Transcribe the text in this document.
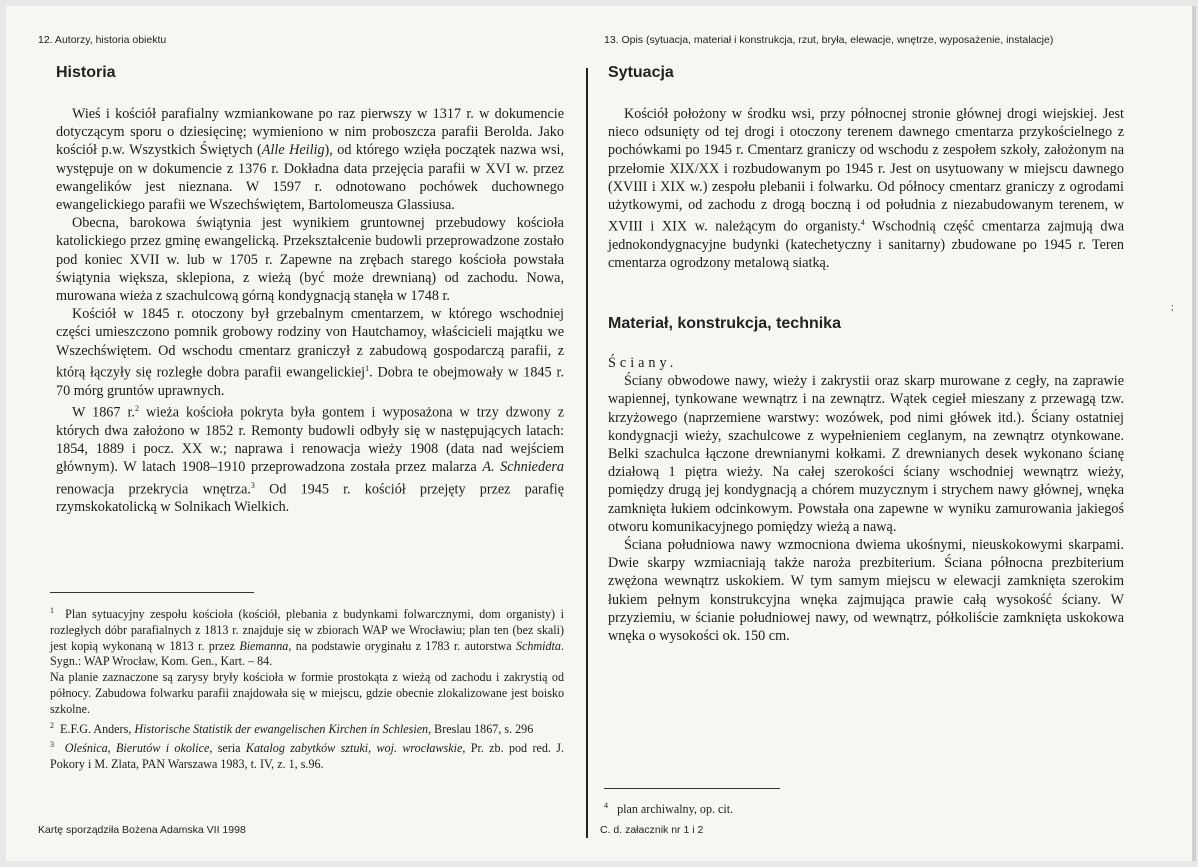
12. Autorzy, historia obiektu
Historia

Wieś i kościół parafialny wzmiankowane po raz pierwszy w 1317 r. w dokumencie dotyczącym sporu o dziesięcinę; wymieniono w nim proboszcza parafii Berolda. Jako kościół p.w. Wszystkich Świętych (Alle Heilig), od którego wzięła początek nazwa wsi, występuje on w dokumencie z 1376 r. Dokładna data przejęcia parafii w XVI w. przez ewangelików jest nieznana. W 1597 r. odnotowano pochówek duchownego ewangelickiego parafii we Wszechświętem, Bartolomeusza Glassiusa.

Obecna, barokowa świątynia jest wynikiem gruntownej przebudowy kościoła katolickiego przez gminę ewangelicką. Przekształcenie budowli przeprowadzone zostało pod koniec XVII w. lub w 1705 r. Zapewne na zrębach starego kościoła powstała świątynia większa, sklepiona, z wieżą (być może drewnianą) od zachodu. Nowa, murowana wieża z szachulcową górną kondygnacją stanęła w 1748 r.

Kościół w 1845 r. otoczony był grzebalnym cmentarzem, w którego wschodniej części umieszczono pomnik grobowy rodziny von Hautchamoy, właścicieli majątku we Wszechświętem. Od wschodu cmentarz graniczył z zabudową gospodarczą parafii, z którą łączyły się rozległe dobra parafii ewangelickiej$^1$. Dobra te obejmowały w 1845 r. 70 mórg gruntów uprawnych.

W 1867 r.$^2$ wieża kościoła pokryta była gontem i wyposażona w trzy dzwony z których dwa założono w 1852 r. Remonty budowli odbyły się w następujących latach: 1854, 1889 i pocz. XX w.; naprawa i renowacja wieży 1908 (data nad wejściem głównym). W latach 1908–1910 przeprowadzona została przez malarza A. Schniedera renowacja przekrycia wnętrza.$^3$ Od 1945 r. kościół przejęty przez parafię rzymskokatolicką w Solnikach Wielkich.

$^1$ Plan sytuacyjny zespołu kościoła (kościół, plebania z budynkami folwarcznymi, dom organisty) i rozległych dóbr parafialnych z 1813 r. znajduje się w zbiorach WAP we Wrocławiu; plan ten (bez skali) jest kopią wykonaną w 1813 r. przez Biemanna, na podstawie oryginału z 1783 r. autorstwa Schmidta. Sygn.: WAP Wrocław, Kom. Gen., Kart. – 84.

Na planie zaznaczone są zarysy bryły kościoła w formie prostokąta z wieżą od zachodu i zakrystią od północy. Zabudowa folwarku parafii znajdowała się w miejscu, gdzie obecnie zlokalizowane jest boisko szkolne.

$^2$ E.F.G. Anders, Historische Statistik der ewangelischen Kirchen in Schlesien, Breslau 1867, s. 296

$^3$ Oleśnica, Bierutów i okolice, seria Katalog zabytków sztuki, woj. wrocławskie, Pr. zb. pod red. J. Pokory i M. Zlata, PAN Warszawa 1983, t. IV, z. 1, s.96.

Kartę sporządziła Bożena Adamska VII 1998
13. Opis (sytuacja, materiał i konstrukcja, rzut, bryła, elewacje, wnętrze, wyposażenie, instalacje)
Sytuacja

Kościół położony w środku wsi, przy północnej stronie głównej drogi wiejskiej. Jest nieco odsunięty od tej drogi i otoczony terenem dawnego cmentarza przykościelnego z pochówkami po 1945 r. Cmentarz graniczy od wschodu z zespołem szkoły, założonym na przełomie XIX/XX i rozbudowanym po 1945 r. Jest on usytuowany w miejscu dawnego (XVIII i XIX w.) zespołu plebanii i folwarku. Od północy cmentarz graniczy z ogrodami użytkowymi, od zachodu z drogą boczną i od południa z niezabudowanym terenem, w XVIII i XIX w. należącym do organisty.$^4$ Wschodnią część cmentarza zajmują dwa jednokondygnacyjne budynki (katechetyczny i sanitarny) zbudowane po 1945 r. Teren cmentarza ogrodzony metalową siatką.

Materiał, konstrukcja, technika

Ściany.

Ściany obwodowe nawy, wieży i zakrystii oraz skarp murowane z cegły, na zaprawie wapiennej, tynkowane wewnątrz i na zewnątrz. Wątek cegieł mieszany z przewagą tzw. krzyżowego (naprzemiene warstwy: wozówek, pod nimi główek itd.). Ściany ostatniej kondygnacji wieży, szachulcowe z wypełnieniem ceglanym, na zewnątrz otynkowane. Belki szachulca łączone drewnianymi kołkami. Z drewnianych desek wykonano ścianę działową 1 piętra wieży. Na całej szerokości ściany wschodniej wewnątrz wieży, pomiędzy drugą jej kondygnacją a chórem muzycznym i strychem nawy głównej, wnęka zamknięta łukiem odcinkowym. Powstała ona zapewne w wyniku zamurowania jakiegoś otworu komunikacyjnego pomiędzy wieżą a nawą.

Ściana południowa nawy wzmocniona dwiema ukośnymi, nieuskokowymi skarpami. Dwie skarpy wzmiacniają także naroża prezbiterium. Ściana północna prezbiterium zwężona wewnątrz uskokiem. W tym samym miejscu w elewacji zamknięta szerokim łukiem pełnym konstrukcyjna wnęka zajmująca prawie całą wysokość ściany. W przyziemiu, w ścianie południowej nawy, od wewnątrz, półkoliście zamknięta uskokowa wnęka o wysokości ok. 150 cm.

$^4$ plan archiwalny, op. cit.

C. d. załacznik nr 1 i 2
;
